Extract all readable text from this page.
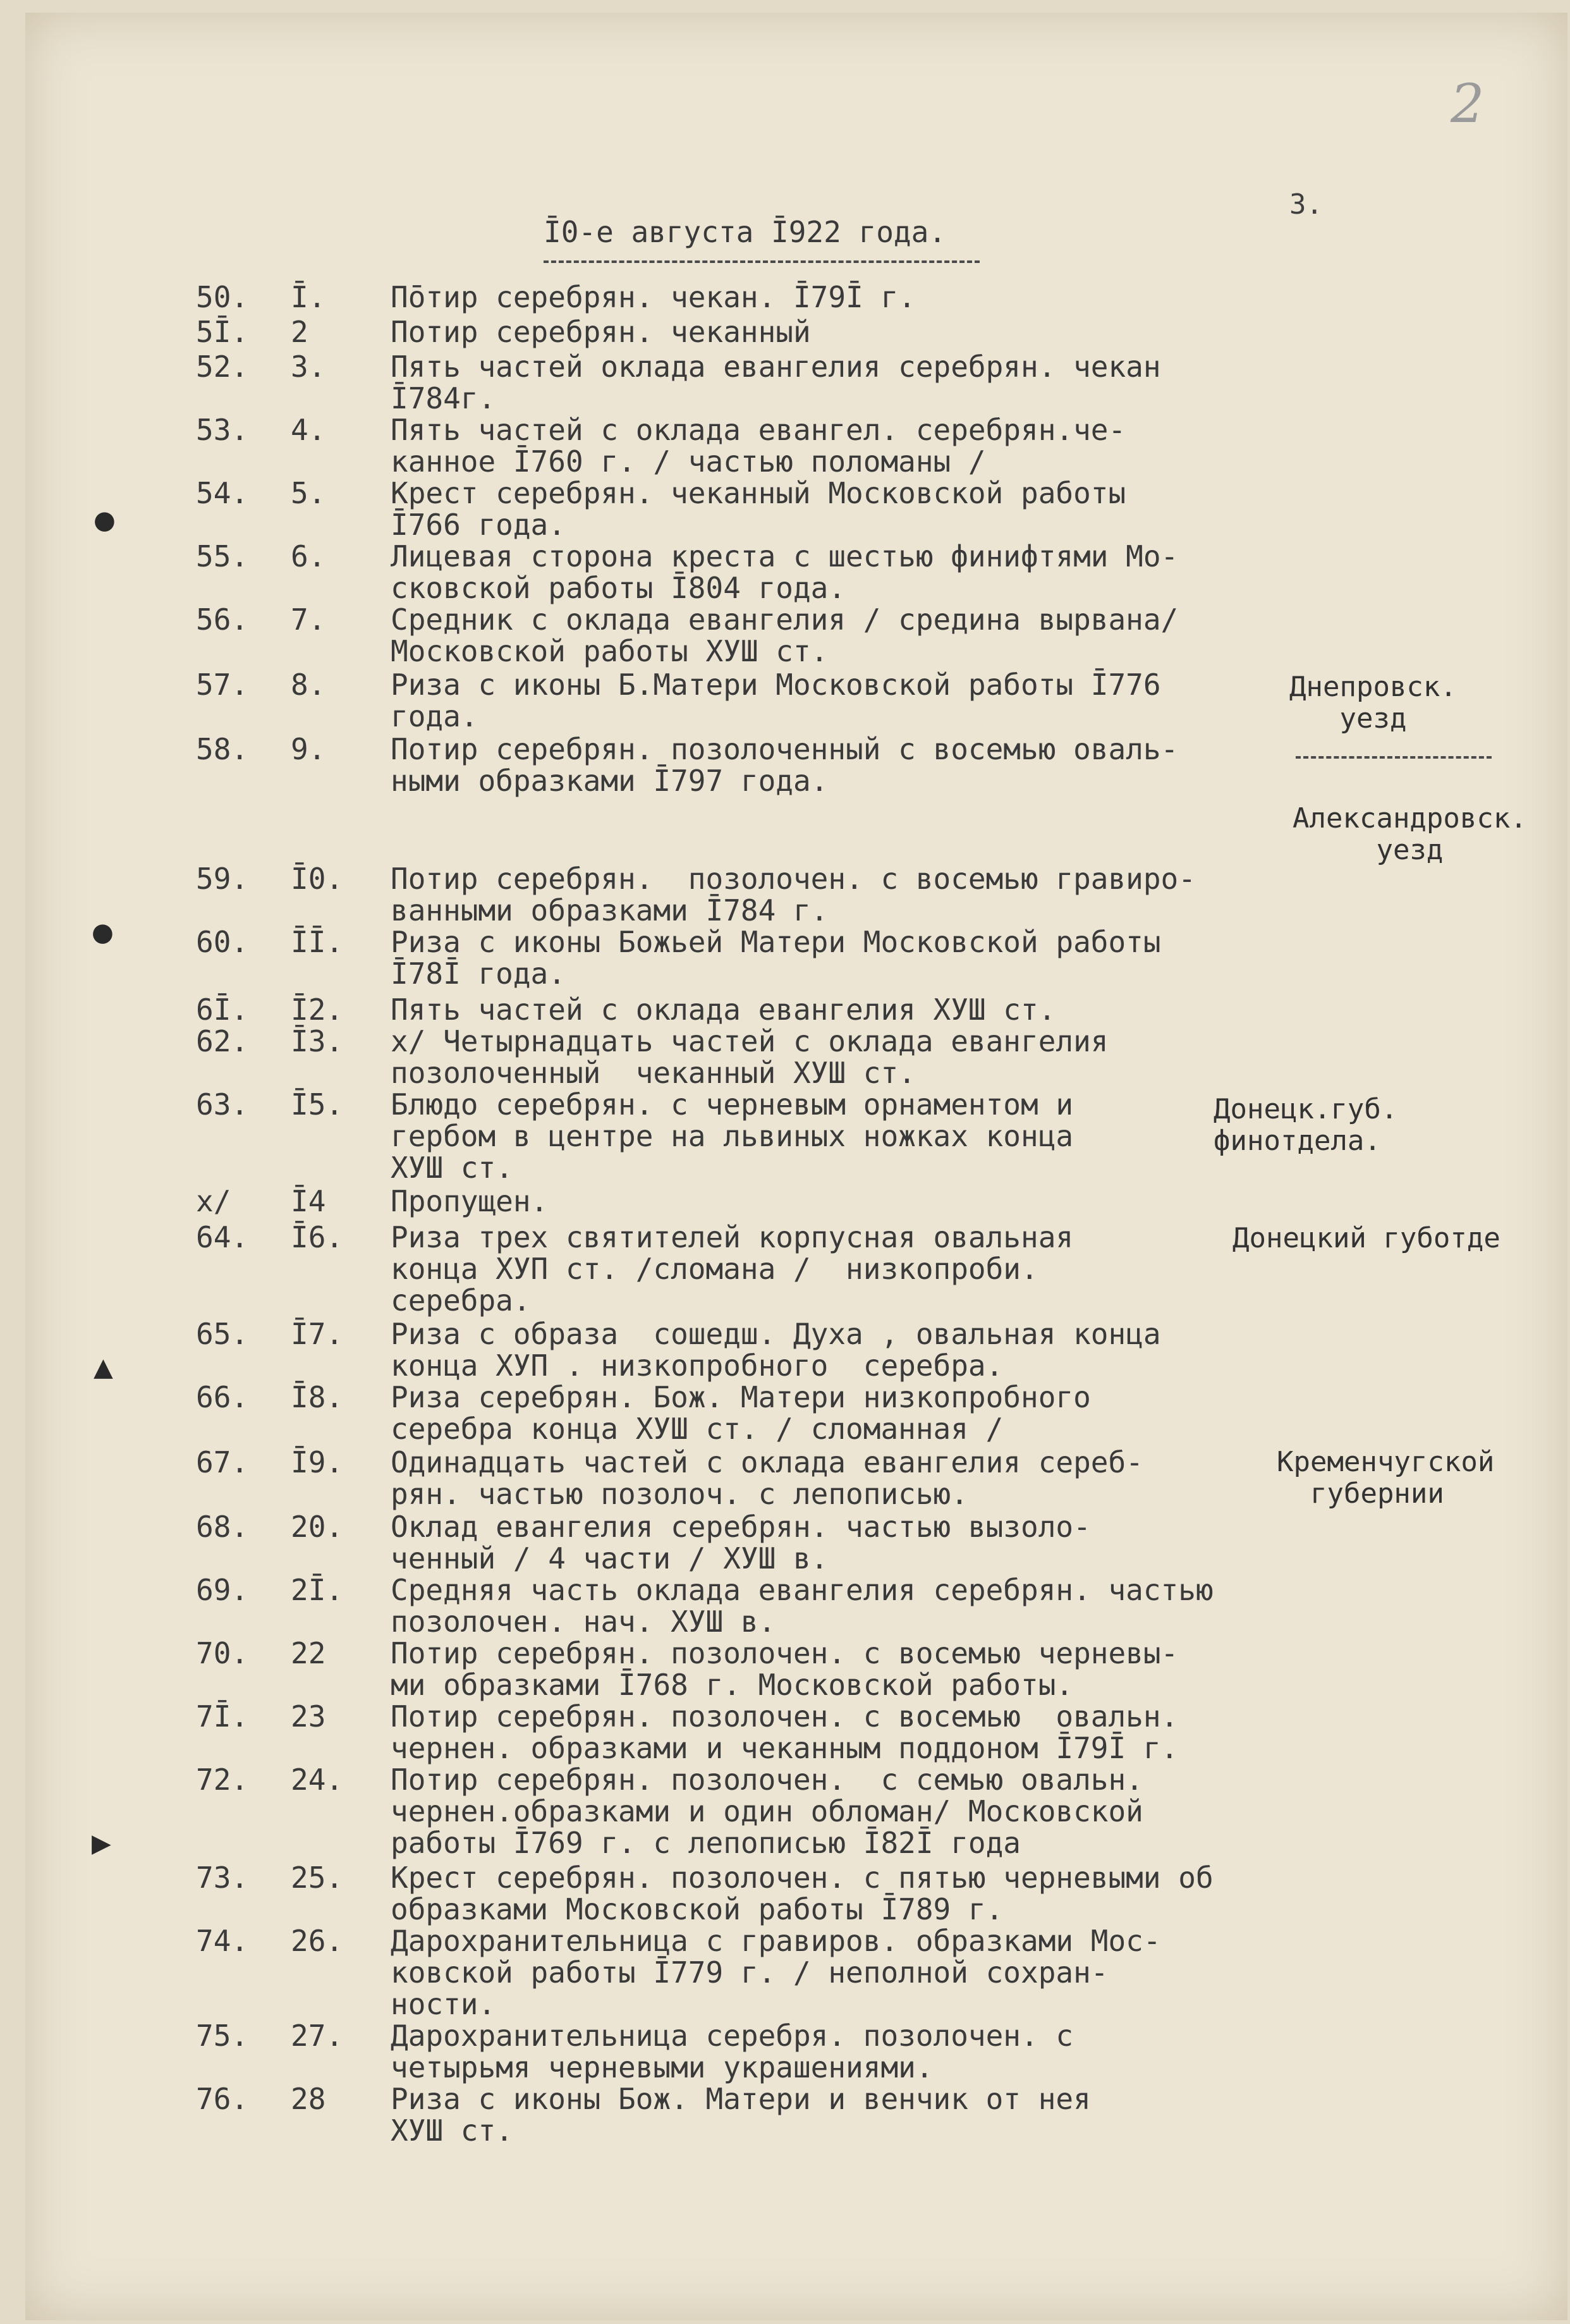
2
3.
Ī0-е августа Ī922 года.
50. Ī. Пōтир серебрян. чекан. Ī79Ī г.
5Ī. 2	Потир серебрян. чеканный
52. 3. Пять частей оклада евангелия серебрян. чекан
Ī784г.
53. 4. Пять частей с оклада евангел. серебрян.че-
канное Ī760 г. / частью поломаны /
54. 5. Крест серебрян. чеканный Московской работы
Ī766 года.
55. 6. Лицевая сторона креста с шестью финифтями Мо-
сковской работы Ī804 года.
56. 7. Средник с оклада евангелия / средина вырвана/
Московской работы ХУШ ст.
57. 8. Риза с иконы Б.Матери Московской работы Ī776
года.
58. 9. Потир серебрян. позолоченный с восемью оваль-
ными образками Ī797 года.
59. Ī0. Потир серебрян.  позолочен. с восемью гравиро-
ванными образками Ī784 г.
60. ĪĪ. Риза с иконы Божьей Матери Московской работы
Ī78Ī года.
6Ī. Ī2. Пять частей с оклада евангелия ХУШ ст.
62. Ī3. х/ Четырнадцать частей с оклада евангелия
позолоченный  чеканный ХУШ ст.
63. Ī5. Блюдо серебрян. с черневым орнаментом и
гербом в центре на львиных ножках конца
ХУШ ст.
х/ Ī4 Пропущен.
64. Ī6. Риза трех святителей корпусная овальная
конца ХУП ст. /сломана /  низкопроби.
серебра.
65. Ī7. Риза с образа  сошедш. Духа , овальная конца
конца ХУП . низкопробного  серебра.
66. Ī8. Риза серебрян. Бож. Матери низкопробного
серебра конца ХУШ ст. / сломанная /
67. Ī9. Одинадцать частей с оклада евангелия сереб-
рян. частью позолоч. с лепописью.
68. 20. Оклад евангелия серебрян. частью вызоло-
ченный / 4 части / ХУШ в.
69. 2Ī. Средняя часть оклада евангелия серебрян. частью
позолочен. нач. ХУШ в.
70. 22 Потир серебрян. позолочен. с восемью черневы-
ми образками Ī768 г. Московской работы.
7Ī. 23 Потир серебрян. позолочен. с восемью  овальн.
чернен. образками и чеканным поддоном Ī79Ī г.
72. 24. Потир серебрян. позолочен.  с семью овальн.
чернен.образками и один обломан/ Московской
работы Ī769 г. с лепописью Ī82Ī года
73. 25. Крест серебрян. позолочен. с пятью черневыми об
образками Московской работы Ī789 г.
74. 26. Дарохранительница с гравиров. образками Мос-
ковской работы Ī779 г. / неполной сохран-
ности.
75. 27. Дарохранительница серебря. позолочен. с
четырьмя черневыми украшениями.
76. 28 Риза с иконы Бож. Матери и венчик от нея
ХУШ ст.
Днепровск.
уезд
Александровск.
уезд
Донецк.губ.
финотдела.
Донецкий губотде
Кременчугской
губернии
●
●
▲
▶
